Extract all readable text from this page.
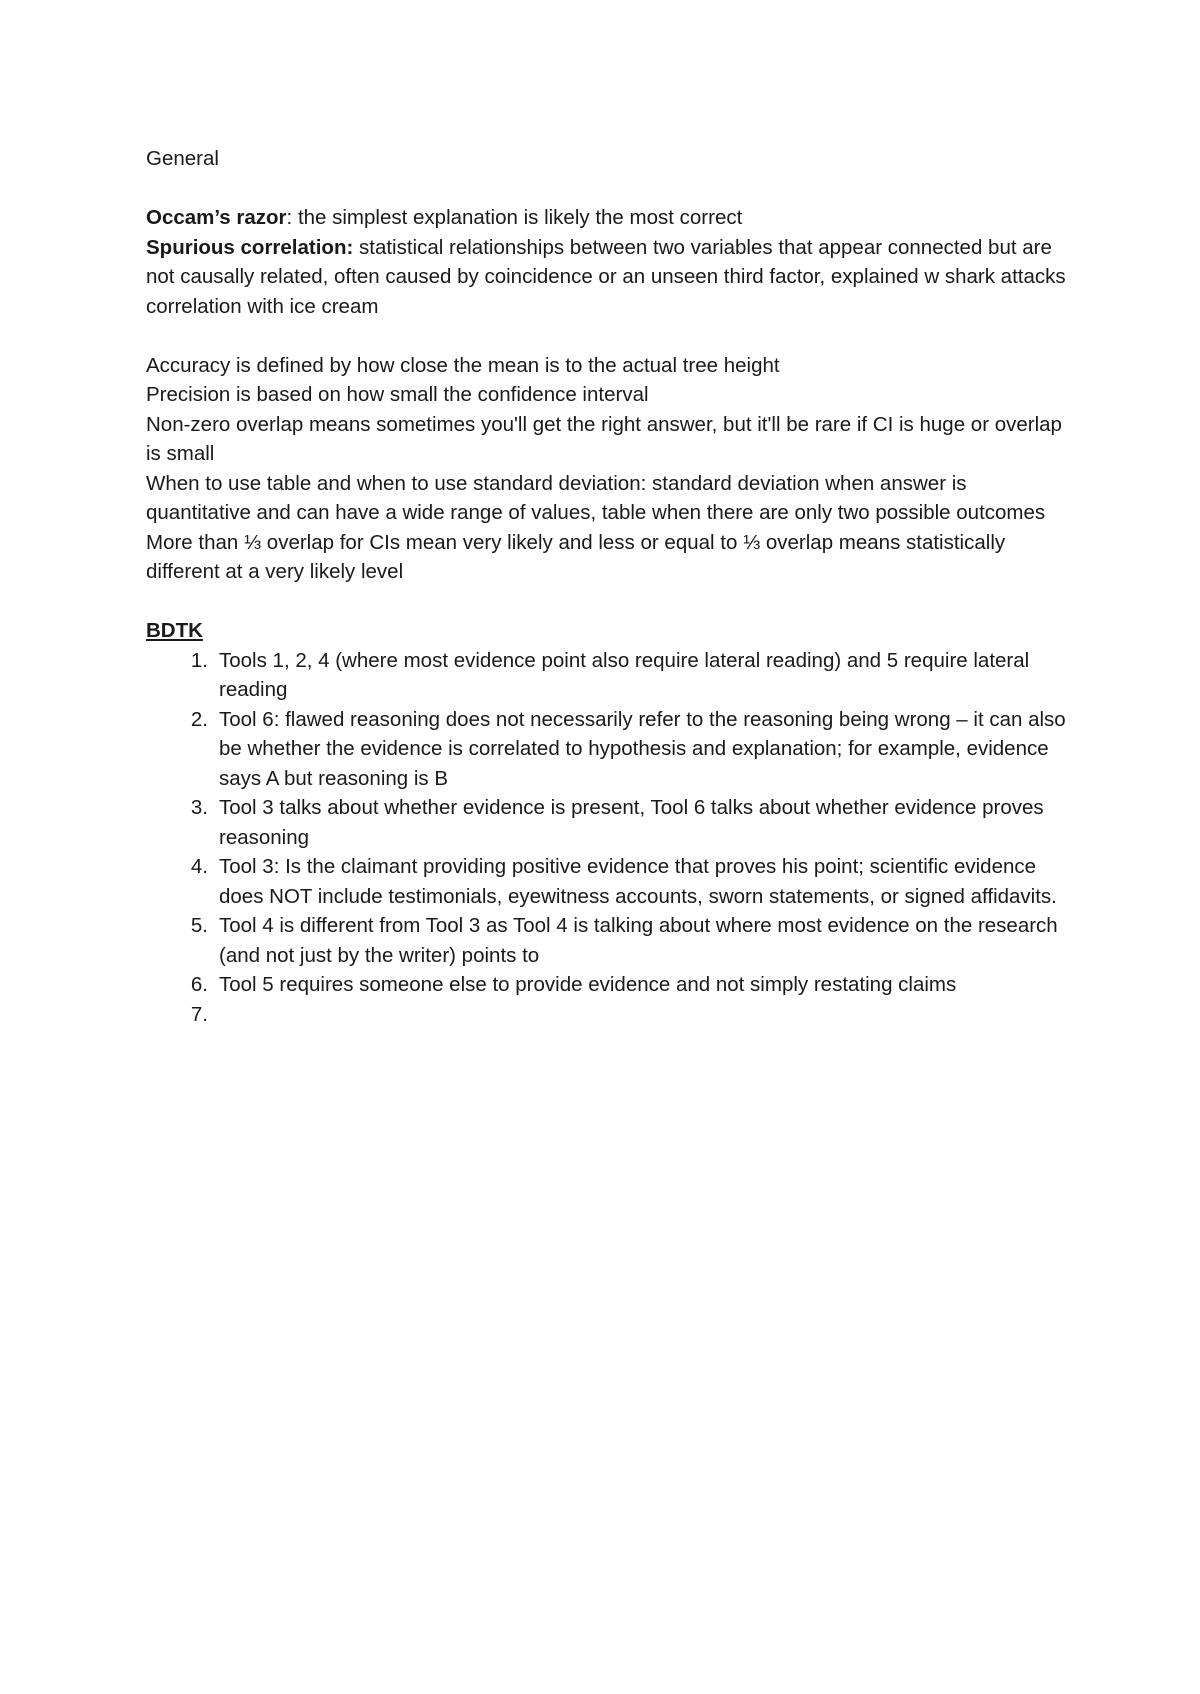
General

Occam’s razor: the simplest explanation is likely the most correct

Spurious correlation: statistical relationships between two variables that appear connected but are not causally related, often caused by coincidence or an unseen third factor, explained w shark attacks correlation with ice cream

Accuracy is defined by how close the mean is to the actual tree height

Precision is based on how small the confidence interval

Non-zero overlap means sometimes you'll get the right answer, but it'll be rare if CI is huge or overlap is small

When to use table and when to use standard deviation: standard deviation when answer is quantitative and can have a wide range of values, table when there are only two possible outcomes

More than ⅓ overlap for CIs mean very likely and less or equal to ⅓ overlap means statistically different at a very likely level

BDTK

1. Tools 1, 2, 4 (where most evidence point also require lateral reading) and 5 require lateral reading
2. Tool 6: flawed reasoning does not necessarily refer to the reasoning being wrong – it can also be whether the evidence is correlated to hypothesis and explanation; for example, evidence says A but reasoning is B
3. Tool 3 talks about whether evidence is present, Tool 6 talks about whether evidence proves reasoning
4. Tool 3: Is the claimant providing positive evidence that proves his point; scientific evidence does NOT include testimonials, eyewitness accounts, sworn statements, or signed affidavits.
5. Tool 4 is different from Tool 3 as Tool 4 is talking about where most evidence on the research (and not just by the writer) points to
6. Tool 5 requires someone else to provide evidence and not simply restating claims
7.
